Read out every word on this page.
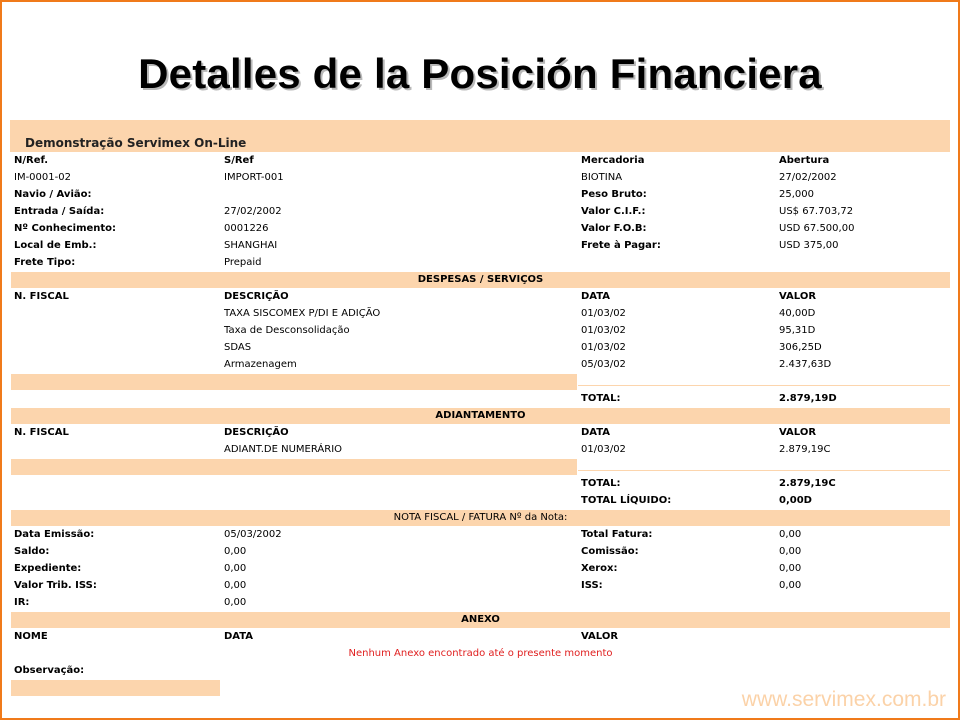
Detalles de la Posición Financiera
Demonstração Servimex On-Line
N/Ref.	S/Ref	Mercadoria	Abertura
IM-0001-02	IMPORT-001	BIOTINA	27/02/2002
Navio / Avião:		Peso Bruto:	25,000
Entrada / Saída:	27/02/2002	Valor C.I.F.:	US$ 67.703,72
Nº Conhecimento:	0001226	Valor F.O.B:	USD 67.500,00
Local de Emb.:	SHANGHAI	Frete à Pagar:	USD 375,00
Frete Tipo:	Prepaid		
DESPESAS / SERVIÇOS			
N. FISCAL	DESCRIÇÃO	DATA	VALOR
	TAXA SISCOMEX P/DI E ADIÇÃO	01/03/02	40,00D
	Taxa de Desconsolidação	01/03/02	95,31D
	SDAS	01/03/02	306,25D
	Armazenagem	05/03/02	2.437,63D

		TOTAL:	2.879,19D
ADIANTAMENTO			
N. FISCAL	DESCRIÇÃO	DATA	VALOR
	ADIANT.DE NUMERÁRIO	01/03/02	2.879,19C

		TOTAL:	2.879,19C
		TOTAL LÍQUIDO:	0,00D
NOTA FISCAL / FATURA Nº da Nota:			
Data Emissão:	05/03/2002	Total Fatura:	0,00
Saldo:	0,00	Comissão:	0,00
Expediente:	0,00	Xerox:	0,00
Valor Trib. ISS:	0,00	ISS:	0,00
IR:	0,00		
ANEXO			
NOME	DATA	VALOR	
Nenhum Anexo encontrado até o presente momento			
Observação:			

www.servimex.com.br
